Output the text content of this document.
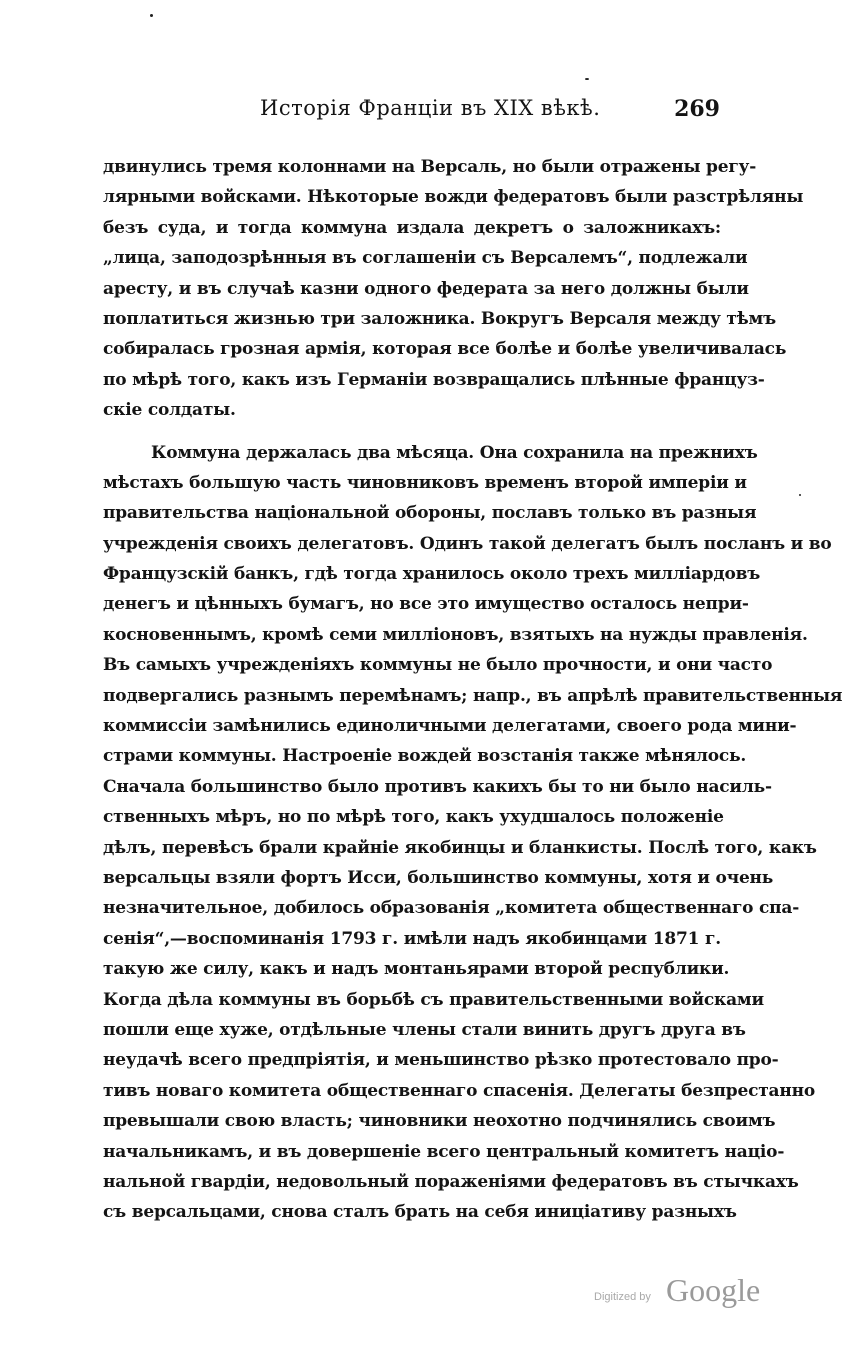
Исторія Франціи въ XIX вѣкѣ.	269
двинулись тремя колоннами на Версаль, но были отражены регу-
лярными войсками. Нѣкоторые вожди федератовъ были разстрѣляны
безъ суда, и тогда коммуна издала декретъ о заложникахъ:
„лица, заподозрѣнныя въ соглашеніи съ Версалемъ“, подлежали
аресту, и въ случаѣ казни одного федерата за него должны были
поплатиться жизнью три заложника. Вокругъ Версаля между тѣмъ
собиралась грозная армія, которая все болѣе и болѣе увеличивалась
по мѣрѣ того, какъ изъ Германіи возвращались плѣнные француз-
скіе солдаты.
Коммуна держалась два мѣсяца. Она сохранила на прежнихъ
мѣстахъ большую часть чиновниковъ временъ второй имперіи и
правительства національной обороны, пославъ только въ разныя
учрежденія своихъ делегатовъ. Одинъ такой делегатъ былъ посланъ и во
Французскій банкъ, гдѣ тогда хранилось около трехъ милліардовъ
денегъ и цѣнныхъ бумагъ, но все это имущество осталось непри-
косновеннымъ, кромѣ семи милліоновъ, взятыхъ на нужды правленія.
Въ самыхъ учрежденіяхъ коммуны не было прочности, и они часто
подвергались разнымъ перемѣнамъ; напр., въ апрѣлѣ правительственныя
коммиссіи замѣнились единоличными делегатами, своего рода мини-
страми коммуны. Настроеніе вождей возстанія также мѣнялось.
Сначала большинство было противъ какихъ бы то ни было насиль-
ственныхъ мѣръ, но по мѣрѣ того, какъ ухудшалось положеніе
дѣлъ, перевѣсъ брали крайніе якобинцы и бланкисты. Послѣ того, какъ
версальцы взяли фортъ Исси, большинство коммуны, хотя и очень
незначительное, добилось образованія „комитета общественнаго спа-
сенія“,—воспоминанія 1793 г. имѣли надъ якобинцами 1871 г.
такую же силу, какъ и надъ монтаньярами второй республики.
Когда дѣла коммуны въ борьбѣ съ правительственными войсками
пошли еще хуже, отдѣльные члены стали винить другъ друга въ
неудачѣ всего предпріятія, и меньшинство рѣзко протестовало про-
тивъ новаго комитета общественнаго спасенія. Делегаты безпрестанно
превышали свою власть; чиновники неохотно подчинялись своимъ
начальникамъ, и въ довершеніе всего центральный комитетъ націо-
нальной гвардіи, недовольный пораженіями федератовъ въ стычкахъ
съ версальцами, снова сталъ брать на себя иниціативу разныхъ
Digitized by Google
